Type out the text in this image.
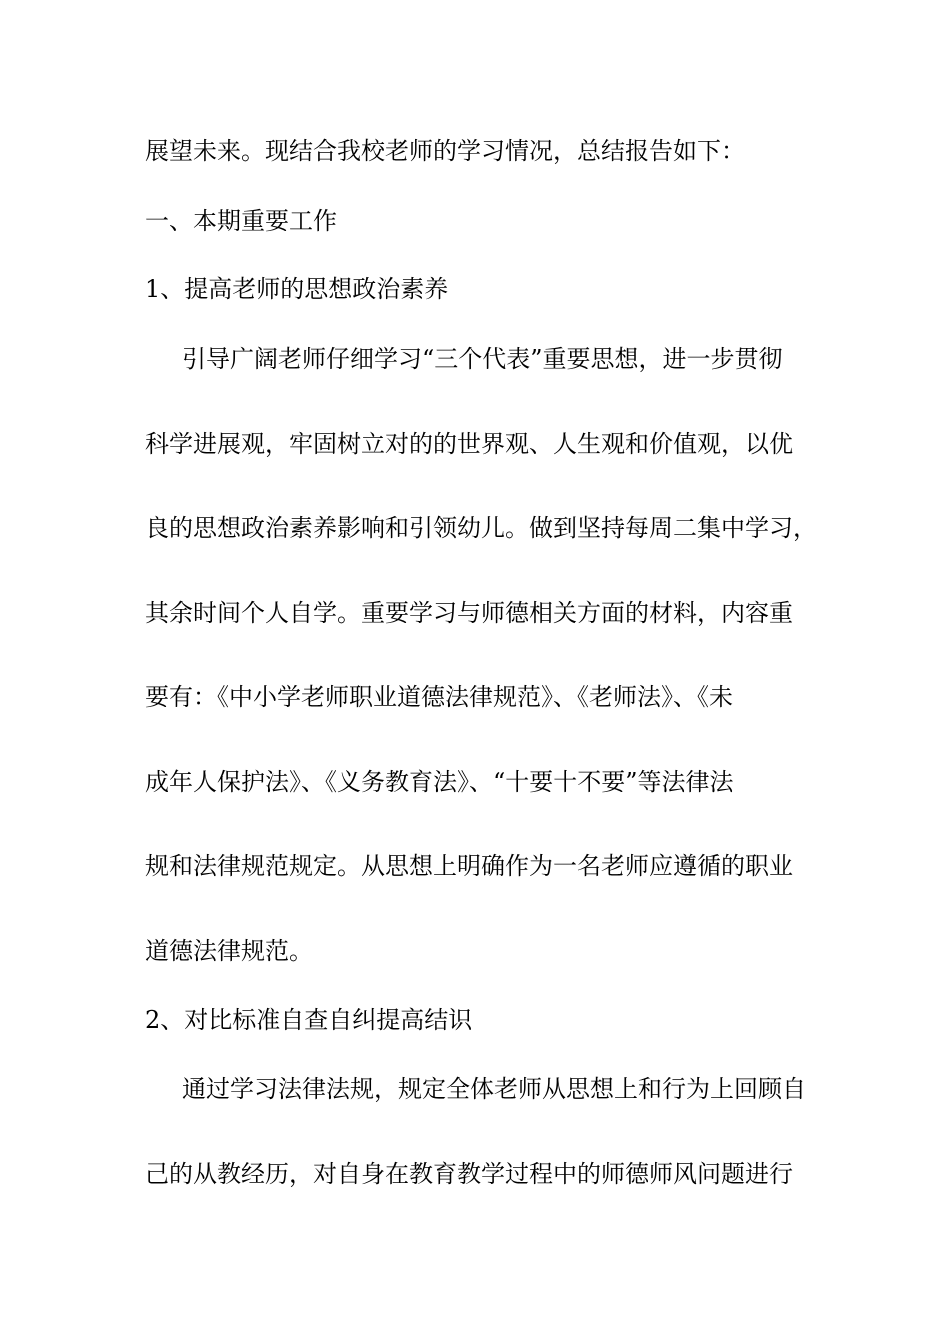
展望未来。现结合我校老师的学习情况，总结报告如下：
一、本期重要工作
1、提高老师的思想政治素养
引导广阔老师仔细学习“三个代表”重要思想，进一步贯彻
科学进展观，牢固树立对的的世界观、人生观和价值观，以优
良的思想政治素养影响和引领幼儿。做到坚持每周二集中学习，
其余时间个人自学。重要学习与师德相关方面的材料，内容重
要有：《中小学老师职业道德法律规范》、《老师法》、《未
成年人保护法》、《义务教育法》、“十要十不要”等法律法
规和法律规范规定。从思想上明确作为一名老师应遵循的职业
道德法律规范。
2、对比标准自查自纠提高结识
通过学习法律法规，规定全体老师从思想上和行为上回顾自
己的从教经历，对自身在教育教学过程中的师德师风问题进行
